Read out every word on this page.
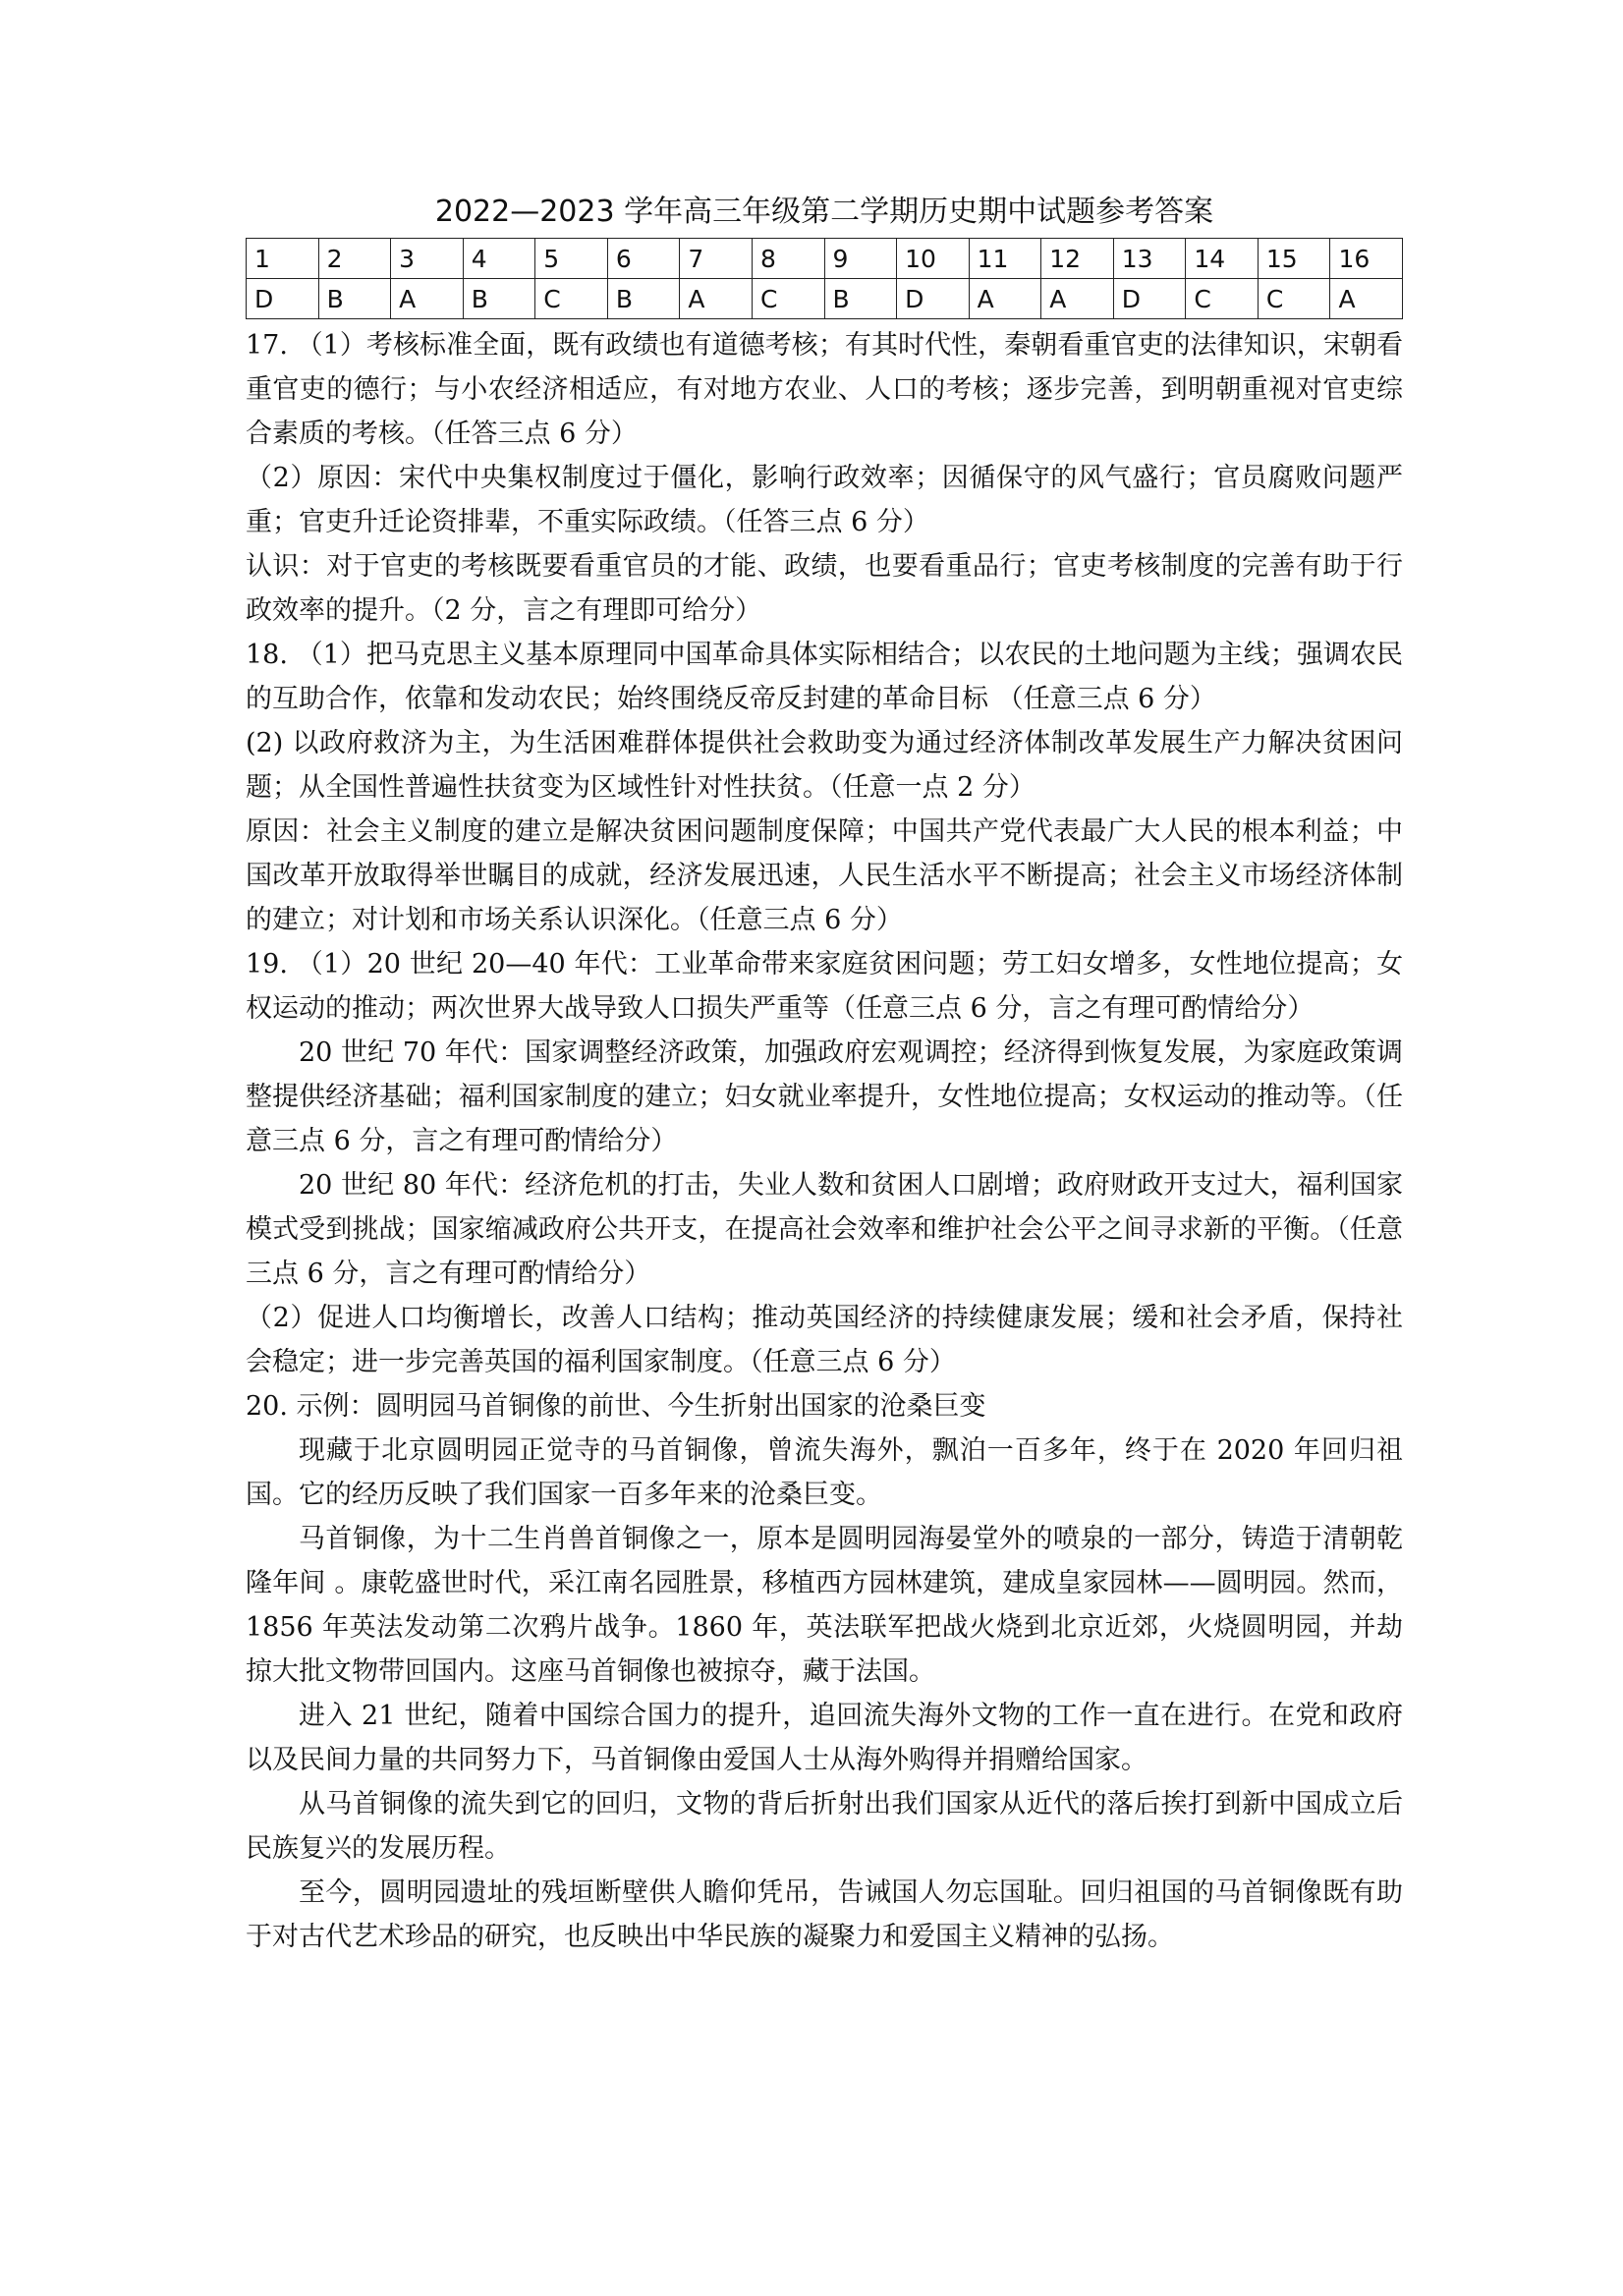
2022—2023 学年高三年级第二学期历史期中试题参考答案
1	2	3	4	5	6	7	8	9	10	11	12	13	14	15	16
D	B	A	B	C	B	A	C	B	D	A	A	D	C	C	A

17. （1）考核标准全面，既有政绩也有道德考核；有其时代性，秦朝看重官吏的法律知识，宋朝看重官吏的德行；与小农经济相适应，有对地方农业、人口的考核；逐步完善，到明朝重视对官吏综合素质的考核。（任答三点 6 分）

（2）原因：宋代中央集权制度过于僵化，影响行政效率；因循保守的风气盛行；官员腐败问题严重；官吏升迁论资排辈，不重实际政绩。（任答三点 6 分）

认识：对于官吏的考核既要看重官员的才能、政绩，也要看重品行；官吏考核制度的完善有助于行政效率的提升。（2 分，言之有理即可给分）

18. （1）把马克思主义基本原理同中国革命具体实际相结合；以农民的土地问题为主线；强调农民的互助合作，依靠和发动农民；始终围绕反帝反封建的革命目标 （任意三点 6 分）

(2) 以政府救济为主，为生活困难群体提供社会救助变为通过经济体制改革发展生产力解决贫困问题；从全国性普遍性扶贫变为区域性针对性扶贫。（任意一点 2 分）

原因：社会主义制度的建立是解决贫困问题制度保障；中国共产党代表最广大人民的根本利益；中国改革开放取得举世瞩目的成就，经济发展迅速，人民生活水平不断提高；社会主义市场经济体制的建立；对计划和市场关系认识深化。（任意三点 6 分）

19. （1）20 世纪 20—40 年代：工业革命带来家庭贫困问题；劳工妇女增多，女性地位提高；女权运动的推动；两次世界大战导致人口损失严重等（任意三点 6 分，言之有理可酌情给分）

20 世纪 70 年代：国家调整经济政策，加强政府宏观调控；经济得到恢复发展，为家庭政策调整提供经济基础；福利国家制度的建立；妇女就业率提升，女性地位提高；女权运动的推动等。（任意三点 6 分，言之有理可酌情给分）

20 世纪 80 年代：经济危机的打击，失业人数和贫困人口剧增；政府财政开支过大，福利国家模式受到挑战；国家缩减政府公共开支，在提高社会效率和维护社会公平之间寻求新的平衡。（任意三点 6 分，言之有理可酌情给分）

（2）促进人口均衡增长，改善人口结构；推动英国经济的持续健康发展；缓和社会矛盾，保持社会稳定；进一步完善英国的福利国家制度。（任意三点 6 分）

20. 示例：圆明园马首铜像的前世、今生折射出国家的沧桑巨变

现藏于北京圆明园正觉寺的马首铜像，曾流失海外，飘泊一百多年，终于在 2020 年回归祖国。它的经历反映了我们国家一百多年来的沧桑巨变。

马首铜像，为十二生肖兽首铜像之一，原本是圆明园海晏堂外的喷泉的一部分，铸造于清朝乾隆年间 。康乾盛世时代，采江南名园胜景，移植西方园林建筑，建成皇家园林——圆明园。然而，1856 年英法发动第二次鸦片战争。1860 年，英法联军把战火烧到北京近郊，火烧圆明园，并劫掠大批文物带回国内。这座马首铜像也被掠夺，藏于法国。

进入 21 世纪，随着中国综合国力的提升，追回流失海外文物的工作一直在进行。在党和政府以及民间力量的共同努力下，马首铜像由爱国人士从海外购得并捐赠给国家。

从马首铜像的流失到它的回归，文物的背后折射出我们国家从近代的落后挨打到新中国成立后民族复兴的发展历程。

至今，圆明园遗址的残垣断壁供人瞻仰凭吊，告诫国人勿忘国耻。回归祖国的马首铜像既有助于对古代艺术珍品的研究，也反映出中华民族的凝聚力和爱国主义精神的弘扬。
